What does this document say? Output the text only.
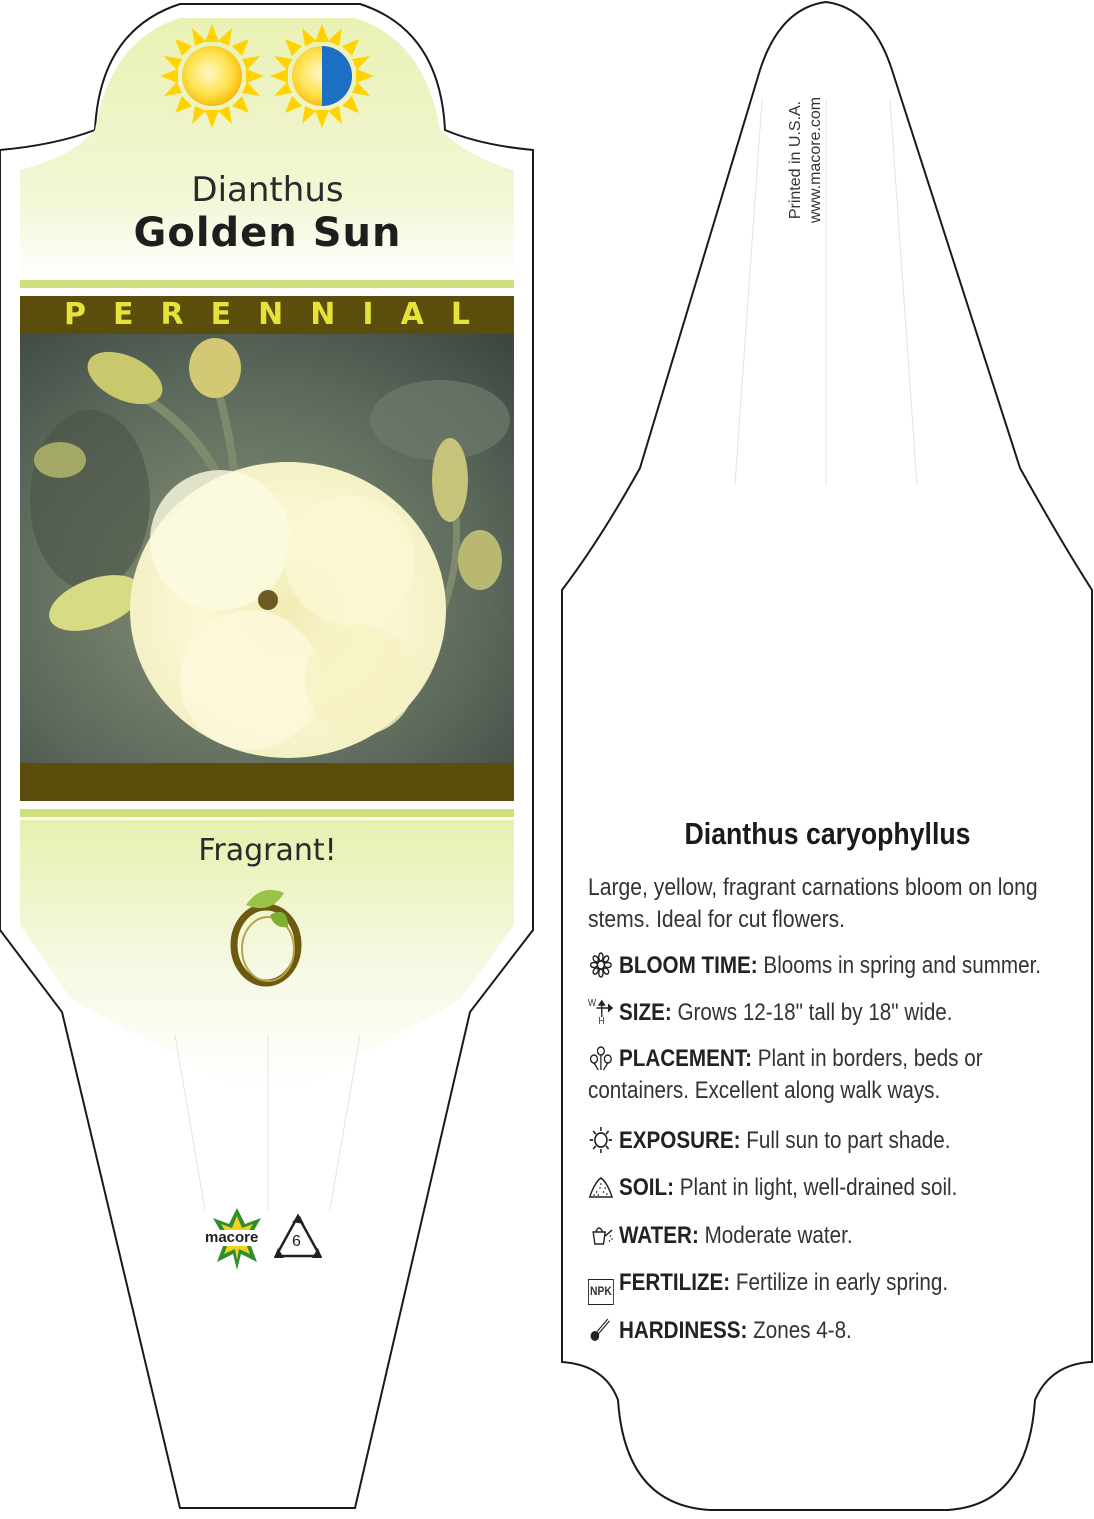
Dianthus
Golden Sun
P E R E N N I A L
Fragrant!
macore 6
Printed in U.S.A. www.macore.com
Dianthus caryophyllus
Large, yellow, fragrant carnations bloom on long stems. Ideal for cut flowers.
BLOOM TIME: Blooms in spring and summer.
W
H SIZE: Grows 12-18" tall by 18" wide.
PLACEMENT: Plant in borders, beds or containers. Excellent along walk ways.
EXPOSURE: Full sun to part shade.
SOIL: Plant in light, well-drained soil.
WATER: Moderate water.
NPK FERTILIZE: Fertilize in early spring.
HARDINESS: Zones 4-8.
